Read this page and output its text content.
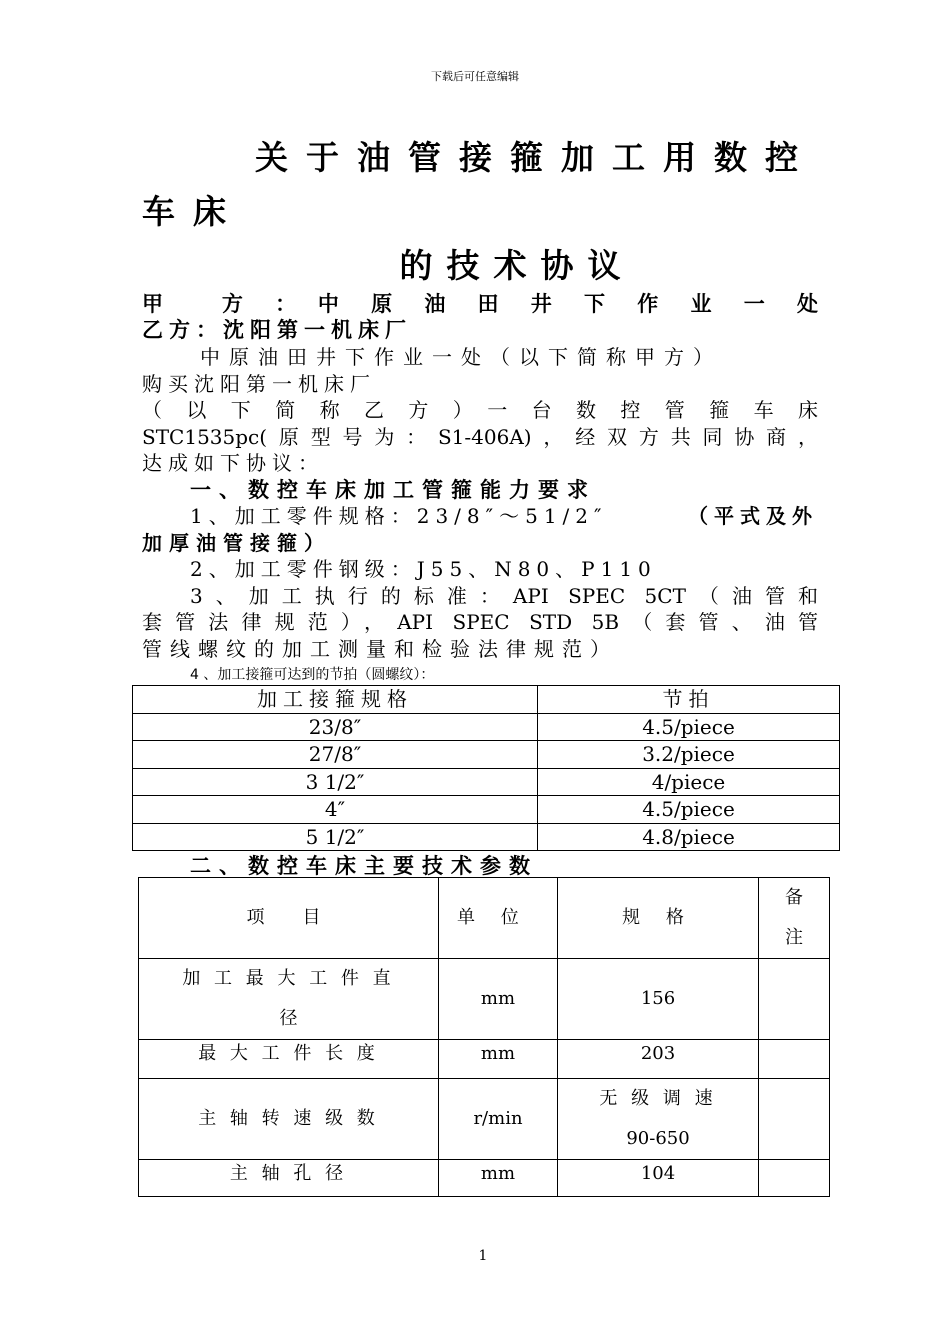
下载后可任意编辑
关于油管接箍加工用数控
车床
的技术协议
甲　　方　：　中　原　油　田　井　下　作　业　一　处
乙方：沈阳第一机床厂
　　中原油田井下作业一处（以下简称甲方）
购买沈阳第一机床厂
（　以　下　简　称　乙　方　）　一　台　数　控　管　箍　车　床
STC1535pc(原型号为：S1-406A)，经双方共同协商，
达成如下协议：
一、数控车床加工管箍能力要求
1、加工零件规格：23/8″～51/2″	（平式及外
加厚油管接箍）
2、加工零件钢级：J55、N80、P110
3、加工执行的标准：API SPEC 5CT（油管和
套管法律规范），API SPEC STD 5B（套管、油管
管线螺纹的加工测量和检验法律规范）
4 、加工接箍可达到的节拍（圆螺纹）：
加工接箍规格	节拍
23/8″	4.5/piece
27/8″	3.2/piece
3 1/2″	4/piece
4″	4.5/piece
5 1/2″	4.8/piece
二、数控车床主要技术参数
项　目	单 位	规 格	备
注

加 工 最 大 工 件 直
径	mm	156	

最 大 工 件 长 度	mm	203	

主 轴 转 速 级 数	r/min	无 级 调 速
90-650	

主 轴 孔 径	mm	104	
1
